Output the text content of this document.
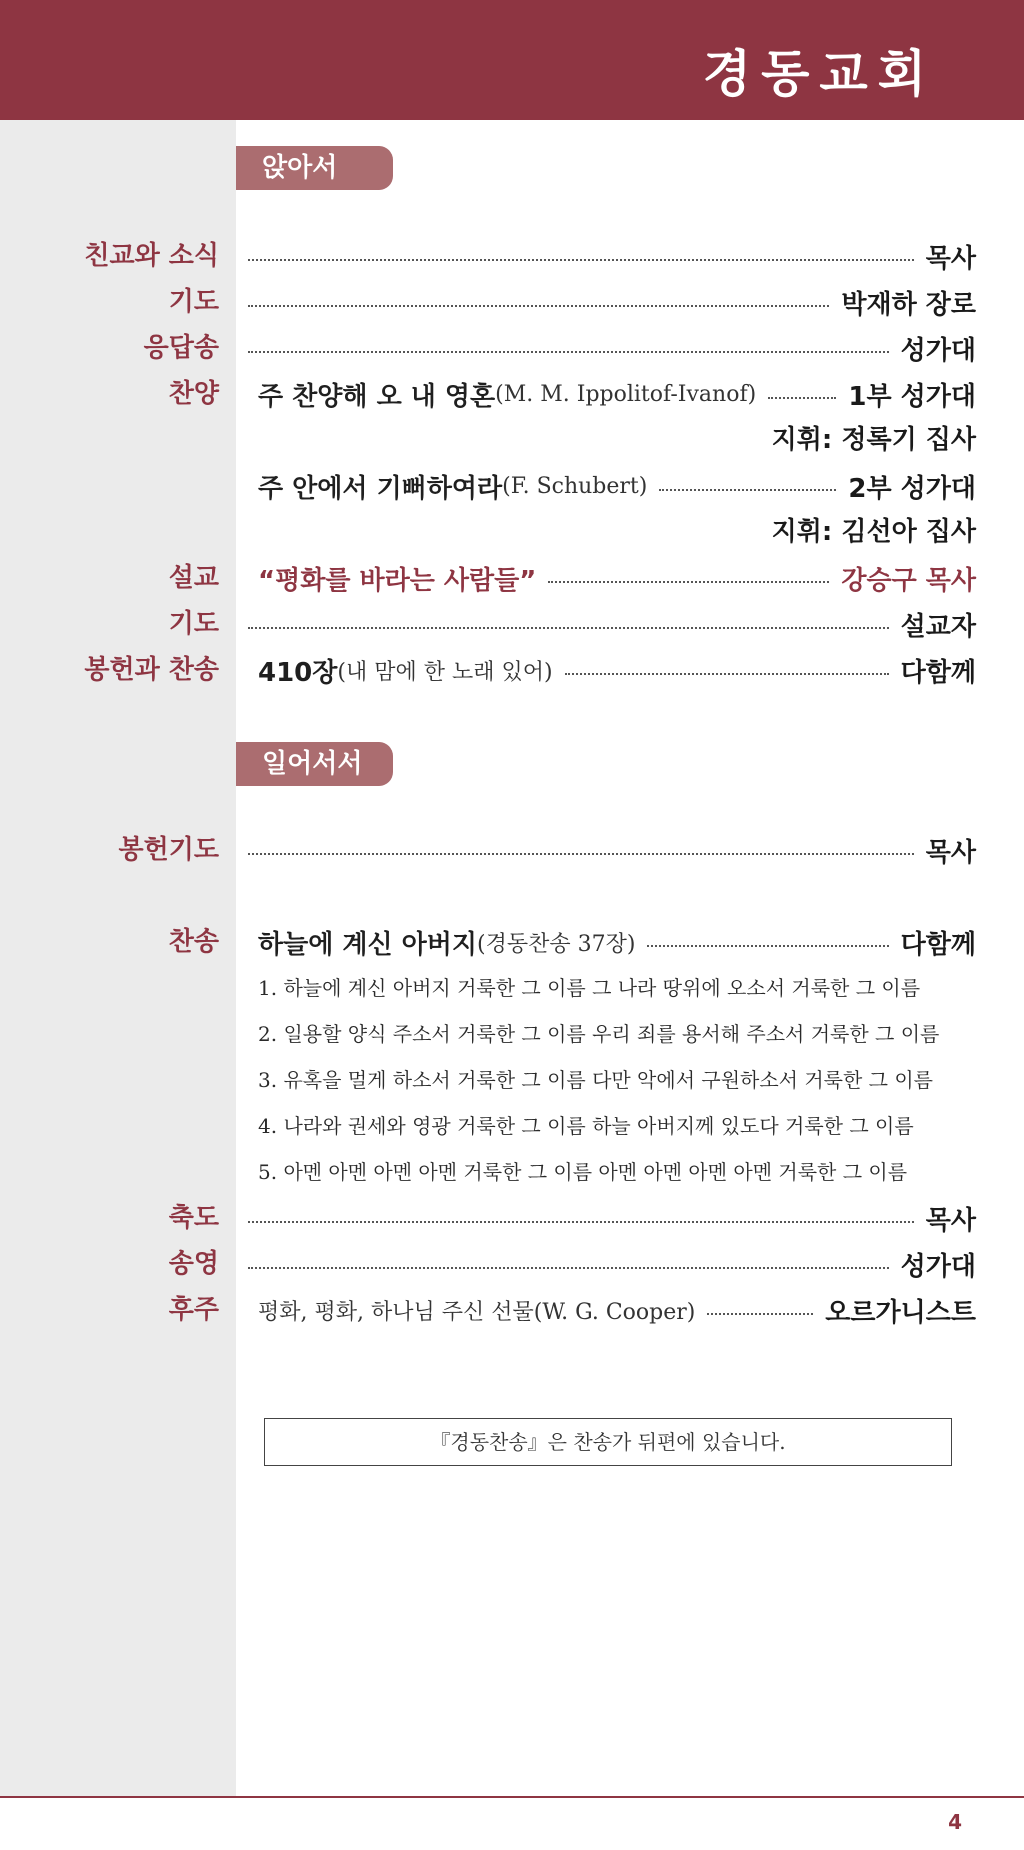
경동교회
앉아서
친교와 소식	목사
기도	박재하 장로
응답송	성가대
찬양 주 찬양해 오 내 영혼 (M. M. Ippolitof-Ivanof)	1부 성가대
지휘: 정록기 집사
주 안에서 기뻐하여라 (F. Schubert)	2부 성가대
지휘: 김선아 집사
설교 “평화를 바라는 사람들”	강승구 목사
기도	설교자
봉헌과 찬송 410장 (내 맘에 한 노래 있어)	다함께
일어서서
봉헌기도	목사
찬송 하늘에 계신 아버지 (경동찬송 37장)	다함께
1. 하늘에 계신 아버지 거룩한 그 이름 그 나라 땅위에 오소서 거룩한 그 이름
2. 일용할 양식 주소서 거룩한 그 이름 우리 죄를 용서해 주소서 거룩한 그 이름
3. 유혹을 멀게 하소서 거룩한 그 이름 다만 악에서 구원하소서 거룩한 그 이름
4. 나라와 권세와 영광 거룩한 그 이름 하늘 아버지께 있도다 거룩한 그 이름
5. 아멘 아멘 아멘 아멘 거룩한 그 이름 아멘 아멘 아멘 아멘 거룩한 그 이름
축도	목사
송영	성가대
후주 평화, 평화, 하나님 주신 선물(W. G. Cooper)	오르가니스트
『경동찬송』은 찬송가 뒤편에 있습니다.
4
